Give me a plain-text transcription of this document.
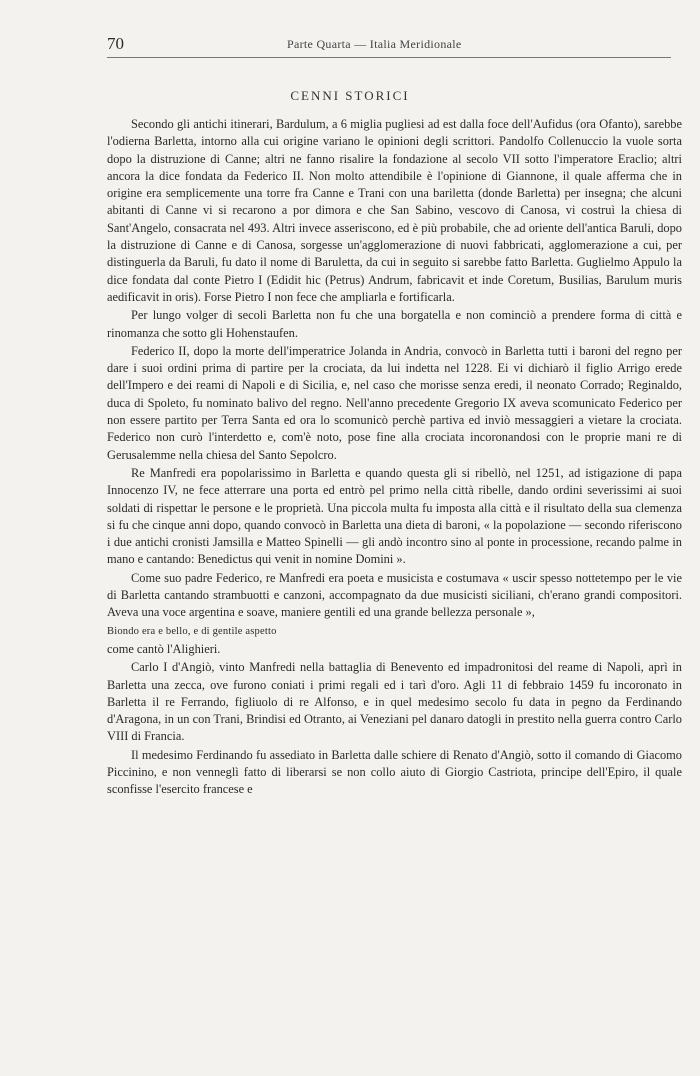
70	Parte Quarta — Italia Meridionale
CENNI STORICI

Secondo gli antichi itinerari, Bardulum, a 6 miglia pugliesi ad est dalla foce dell'Aufidus (ora Ofanto), sarebbe l'odierna Barletta, intorno alla cui origine variano le opinioni degli scrittori. Pandolfo Collenuccio la vuole sorta dopo la distruzione di Canne; altri ne fanno risalire la fondazione al secolo VII sotto l'imperatore Eraclio; altri ancora la dice fondata da Federico II. Non molto attendibile è l'opinione di Giannone, il quale afferma che in origine era semplicemente una torre fra Canne e Trani con una bariletta (donde Barletta) per insegna; che alcuni abitanti di Canne vi si recarono a por dimora e che San Sabino, vescovo di Canosa, vi costruì la chiesa di Sant'Angelo, consacrata nel 493. Altri invece asseriscono, ed è più probabile, che ad oriente dell'antica Baruli, dopo la distruzione di Canne e di Canosa, sorgesse un'agglomerazione di nuovi fabbricati, agglomerazione a cui, per distinguerla da Baruli, fu dato il nome di Baruletta, da cui in seguito si sarebbe fatto Barletta. Guglielmo Appulo la dice fondata dal conte Pietro I (Edidit hic (Petrus) Andrum, fabricavit et inde Coretum, Busilias, Barulum muris aedificavit in oris). Forse Pietro I non fece che ampliarla e fortificarla.

Per lungo volger di secoli Barletta non fu che una borgatella e non cominciò a prendere forma di città e rinomanza che sotto gli Hohenstaufen.

Federico II, dopo la morte dell'imperatrice Jolanda in Andria, convocò in Barletta tutti i baroni del regno per dare i suoi ordini prima di partire per la crociata, da lui indetta nel 1228. Ei vi dichiarò il figlio Arrigo erede dell'Impero e dei reami di Napoli e di Sicilia, e, nel caso che morisse senza eredi, il neonato Corrado; Reginaldo, duca di Spoleto, fu nominato balivo del regno. Nell'anno precedente Gregorio IX aveva scomunicato Federico per non essere partito per Terra Santa ed ora lo scomunicò perchè partiva ed inviò messaggieri a vietare la crociata. Federico non curò l'interdetto e, com'è noto, pose fine alla crociata incoronandosi con le proprie mani re di Gerusalemme nella chiesa del Santo Sepolcro.

Re Manfredi era popolarissimo in Barletta e quando questa gli si ribellò, nel 1251, ad istigazione di papa Innocenzo IV, ne fece atterrare una porta ed entrò pel primo nella città ribelle, dando ordini severissimi ai suoi soldati di rispettar le persone e le proprietà. Una piccola multa fu imposta alla città e il risultato della sua clemenza si fu che cinque anni dopo, quando convocò in Barletta una dieta di baroni, « la popolazione — secondo riferiscono i due antichi cronisti Jamsilla e Matteo Spinelli — gli andò incontro sino al ponte in processione, recando palme in mano e cantando: Benedictus qui venit in nomine Domini ».

Come suo padre Federico, re Manfredi era poeta e musicista e costumava « uscir spesso nottetempo per le vie di Barletta cantando strambuotti e canzoni, accompagnato da due musicisti siciliani, ch'erano grandi compositori. Aveva una voce argentina e soave, maniere gentili ed una grande bellezza personale »,

Biondo era e bello, e di gentile aspetto

come cantò l'Alighieri.

Carlo I d'Angiò, vinto Manfredi nella battaglia di Benevento ed impadronitosi del reame di Napoli, aprì in Barletta una zecca, ove furono coniati i primi regali ed i tarì d'oro. Agli 11 di febbraio 1459 fu incoronato in Barletta il re Ferrando, figliuolo di re Alfonso, e in quel medesimo secolo fu data in pegno da Ferdinando d'Aragona, in un con Trani, Brindisi ed Otranto, ai Veneziani pel danaro datogli in prestito nella guerra contro Carlo VIII di Francia.

Il medesimo Ferdinando fu assediato in Barletta dalle schiere di Renato d'Angiò, sotto il comando di Giacomo Piccinino, e non venneglì fatto di liberarsi se non collo aiuto di Giorgio Castriota, principe dell'Epiro, il quale sconfisse l'esercito francese e
